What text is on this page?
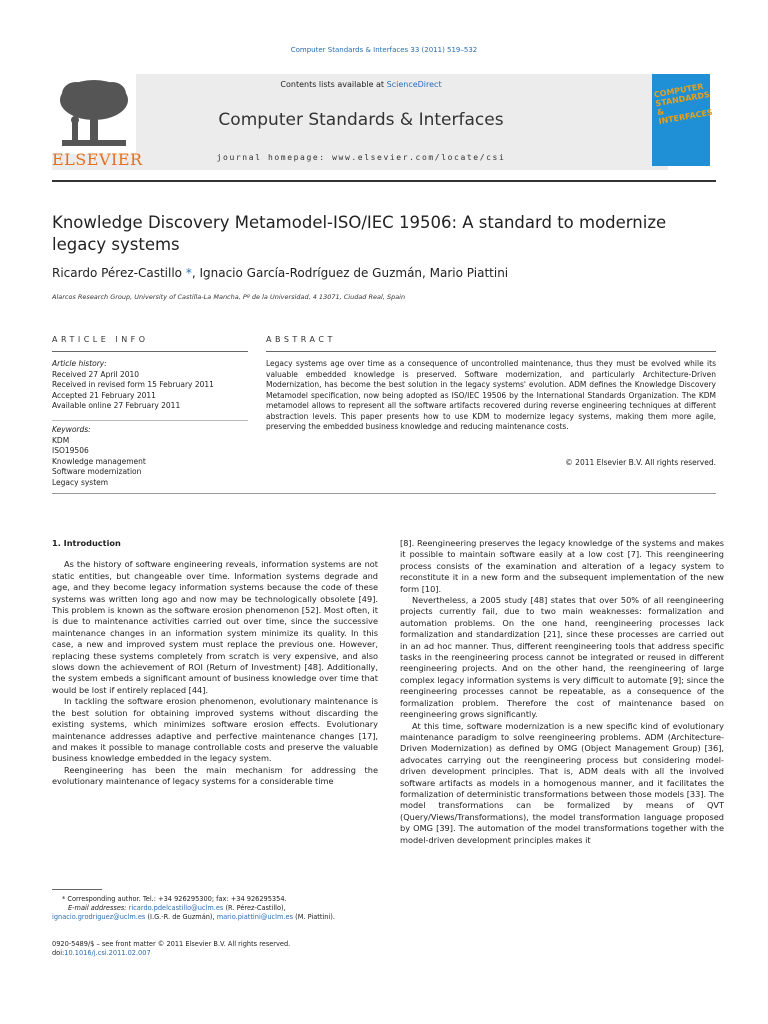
Computer Standards & Interfaces 33 (2011) 519–532
ELSEVIER
Contents lists available at ScienceDirect
Computer Standards & Interfaces
journal homepage: www.elsevier.com/locate/csi
COMPUTER STANDARDS & INTERFACES
Knowledge Discovery Metamodel-ISO/IEC 19506: A standard to modernize legacy systems
Ricardo Pérez-Castillo *, Ignacio García-Rodríguez de Guzmán, Mario Piattini
Alarcos Research Group, University of Castilla-La Mancha, Pº de la Universidad, 4 13071, Ciudad Real, Spain
ARTICLE INFO
Article history:
Received 27 April 2010
Received in revised form 15 February 2011
Accepted 21 February 2011
Available online 27 February 2011
Keywords:
KDM
ISO19506
Knowledge management
Software modernization
Legacy system
ABSTRACT
Legacy systems age over time as a consequence of uncontrolled maintenance, thus they must be evolved while its valuable embedded knowledge is preserved. Software modernization, and particularly Architecture-Driven Modernization, has become the best solution in the legacy systems' evolution. ADM defines the Knowledge Discovery Metamodel specification, now being adopted as ISO/IEC 19506 by the International Standards Organization. The KDM metamodel allows to represent all the software artifacts recovered during reverse engineering techniques at different abstraction levels. This paper presents how to use KDM to modernize legacy systems, making them more agile, preserving the embedded business knowledge and reducing maintenance costs.
© 2011 Elsevier B.V. All rights reserved.

1. Introduction

As the history of software engineering reveals, information systems are not static entities, but changeable over time. Information systems degrade and age, and they become legacy information systems because the code of these systems was written long ago and now may be technologically obsolete [49]. This problem is known as the software erosion phenomenon [52]. Most often, it is due to maintenance activities carried out over time, since the successive maintenance changes in an information system minimize its quality. In this case, a new and improved system must replace the previous one. However, replacing these systems completely from scratch is very expensive, and also slows down the achievement of ROI (Return of Investment) [48]. Additionally, the system embeds a significant amount of business knowledge over time that would be lost if entirely replaced [44].

In tackling the software erosion phenomenon, evolutionary maintenance is the best solution for obtaining improved systems without discarding the existing systems, which minimizes software erosion effects. Evolutionary maintenance addresses adaptive and perfective maintenance changes [17], and makes it possible to manage controllable costs and preserve the valuable business knowledge embedded in the legacy system.

Reengineering has been the main mechanism for addressing the evolutionary maintenance of legacy systems for a considerable time

[8]. Reengineering preserves the legacy knowledge of the systems and makes it possible to maintain software easily at a low cost [7]. This reengineering process consists of the examination and alteration of a legacy system to reconstitute it in a new form and the subsequent implementation of the new form [10].

Nevertheless, a 2005 study [48] states that over 50% of all reengineering projects currently fail, due to two main weaknesses: formalization and automation problems. On the one hand, reengineering processes lack formalization and standardization [21], since these processes are carried out in an ad hoc manner. Thus, different reengineering tools that address specific tasks in the reengineering process cannot be integrated or reused in different reengineering projects. And on the other hand, the reengineering of large complex legacy information systems is very difficult to automate [9]; since the reengineering processes cannot be repeatable, as a consequence of the formalization problem. Therefore the cost of maintenance based on reengineering grows significantly.

At this time, software modernization is a new specific kind of evolutionary maintenance paradigm to solve reengineering problems. ADM (Architecture-Driven Modernization) as defined by OMG (Object Management Group) [36], advocates carrying out the reengineering process but considering model-driven development principles. That is, ADM deals with all the involved software artifacts as models in a homogenous manner, and it facilitates the formalization of deterministic transformations between those models [33]. The model transformations can be formalized by means of QVT (Query/Views/Transformations), the model transformation language proposed by OMG [39]. The automation of the model transformations together with the model-driven development principles makes it

* Corresponding author. Tel.: +34 926295300; fax: +34 926295354.
E-mail addresses: ricardo.pdelcastillo@uclm.es (R. Pérez-Castillo),
ignacio.grodriguez@uclm.es (I.G.-R. de Guzmán), mario.piattini@uclm.es (M. Piattini).
0920-5489/$ – see front matter © 2011 Elsevier B.V. All rights reserved.
doi:10.1016/j.csi.2011.02.007
